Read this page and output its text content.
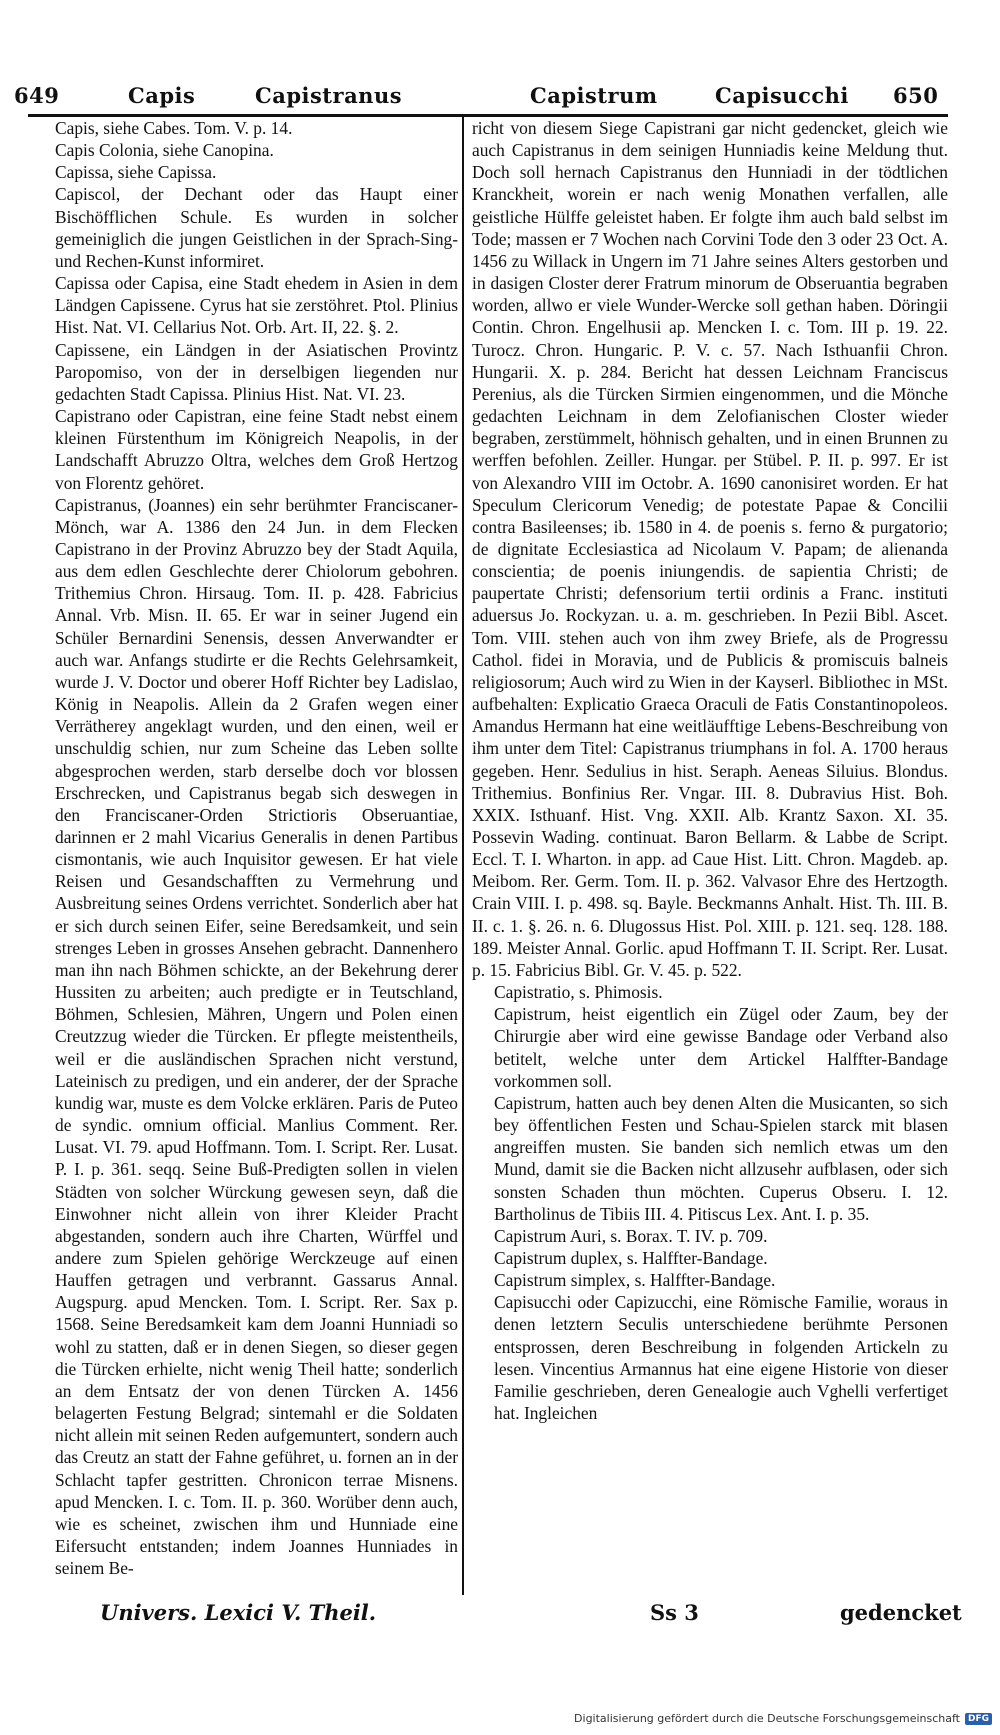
649	Capis	Capistranus	Capistrum	Capisucchi 650

Capis, siehe Cabes. Tom. V. p. 14.

Capis Colonia, siehe Canopina.

Capissa, siehe Capissa.

Capiscol, der Dechant oder das Haupt einer Bischöfflichen Schule. Es wurden in solcher gemeiniglich die jungen Geistlichen in der Sprach-Sing- und Rechen-Kunst informiret.

Capissa oder Capisa, eine Stadt ehedem in Asien in dem Ländgen Capissene. Cyrus hat sie zerstöhret. Ptol. Plinius Hist. Nat. VI. Cellarius Not. Orb. Art. II, 22. §. 2.

Capissene, ein Ländgen in der Asiatischen Provintz Paropomiso, von der in derselbigen liegenden nur gedachten Stadt Capissa. Plinius Hist. Nat. VI. 23.

Capistrano oder Capistran, eine feine Stadt nebst einem kleinen Fürstenthum im Königreich Neapolis, in der Landschafft Abruzzo Oltra, welches dem Groß Hertzog von Florentz gehöret.

Capistranus, (Joannes) ein sehr berühmter Franciscaner-Mönch, war A. 1386 den 24 Jun. in dem Flecken Capistrano in der Provinz Abruzzo bey der Stadt Aquila, aus dem edlen Geschlechte derer Chiolorum gebohren. Trithemius Chron. Hirsaug. Tom. II. p. 428. Fabricius Annal. Vrb. Misn. II. 65. Er war in seiner Jugend ein Schüler Bernardini Senensis, dessen Anverwandter er auch war. Anfangs studirte er die Rechts Gelehrsamkeit, wurde J. V. Doctor und oberer Hoff Richter bey Ladislao, König in Neapolis. Allein da 2 Grafen wegen einer Verrätherey angeklagt wurden, und den einen, weil er unschuldig schien, nur zum Scheine das Leben sollte abgesprochen werden, starb derselbe doch vor blossen Erschrecken, und Capistranus begab sich deswegen in den Franciscaner-Orden Strictioris Obseruantiae, darinnen er 2 mahl Vicarius Generalis in denen Partibus cismontanis, wie auch Inquisitor gewesen. Er hat viele Reisen und Gesandschafften zu Vermehrung und Ausbreitung seines Ordens verrichtet. Sonderlich aber hat er sich durch seinen Eifer, seine Beredsamkeit, und sein strenges Leben in grosses Ansehen gebracht. Dannenhero man ihn nach Böhmen schickte, an der Bekehrung derer Hussiten zu arbeiten; auch predigte er in Teutschland, Böhmen, Schlesien, Mähren, Ungern und Polen einen Creutzzug wieder die Türcken. Er pflegte meistentheils, weil er die ausländischen Sprachen nicht verstund, Lateinisch zu predigen, und ein anderer, der der Sprache kundig war, muste es dem Volcke erklären. Paris de Puteo de syndic. omnium official. Manlius Comment. Rer. Lusat. VI. 79. apud Hoffmann. Tom. I. Script. Rer. Lusat. P. I. p. 361. seqq. Seine Buß-Predigten sollen in vielen Städten von solcher Würckung gewesen seyn, daß die Einwohner nicht allein von ihrer Kleider Pracht abgestanden, sondern auch ihre Charten, Würffel und andere zum Spielen gehörige Werckzeuge auf einen Hauffen getragen und verbrannt. Gassarus Annal. Augspurg. apud Mencken. Tom. I. Script. Rer. Sax p. 1568. Seine Beredsamkeit kam dem Joanni Hunniadi so wohl zu statten, daß er in denen Siegen, so dieser gegen die Türcken erhielte, nicht wenig Theil hatte; sonderlich an dem Entsatz der von denen Türcken A. 1456 belagerten Festung Belgrad; sintemahl er die Soldaten nicht allein mit seinen Reden aufgemuntert, sondern auch das Creutz an statt der Fahne geführet, u. fornen an in der Schlacht tapfer gestritten. Chronicon terrae Misnens. apud Mencken. I. c. Tom. II. p. 360. Worüber denn auch, wie es scheinet, zwischen ihm und Hunniade eine Eifersucht entstanden; indem Joannes Hunniades in seinem Be-

richt von diesem Siege Capistrani gar nicht gedencket, gleich wie auch Capistranus in dem seinigen Hunniadis keine Meldung thut. Doch soll hernach Capistranus den Hunniadi in der tödtlichen Kranckheit, worein er nach wenig Monathen verfallen, alle geistliche Hülffe geleistet haben. Er folgte ihm auch bald selbst im Tode; massen er 7 Wochen nach Corvini Tode den 3 oder 23 Oct. A. 1456 zu Willack in Ungern im 71 Jahre seines Alters gestorben und in dasigen Closter derer Fratrum minorum de Obseruantia begraben worden, allwo er viele Wunder-Wercke soll gethan haben. Döringii Contin. Chron. Engelhusii ap. Mencken I. c. Tom. III p. 19. 22. Turocz. Chron. Hungaric. P. V. c. 57. Nach Isthuanfii Chron. Hungarii. X. p. 284. Bericht hat dessen Leichnam Franciscus Perenius, als die Türcken Sirmien eingenommen, und die Mönche gedachten Leichnam in dem Zelofianischen Closter wieder begraben, zerstümmelt, höhnisch gehalten, und in einen Brunnen zu werffen befohlen. Zeiller. Hungar. per Stübel. P. II. p. 997. Er ist von Alexandro VIII im Octobr. A. 1690 canonisiret worden. Er hat Speculum Clericorum Venedig; de potestate Papae & Concilii contra Basileenses; ib. 1580 in 4. de poenis s. ferno & purgatorio; de dignitate Ecclesiastica ad Nicolaum V. Papam; de alienanda conscientia; de poenis iniungendis. de sapientia Christi; de paupertate Christi; defensorium tertii ordinis a Franc. instituti aduersus Jo. Rockyzan. u. a. m. geschrieben. In Pezii Bibl. Ascet. Tom. VIII. stehen auch von ihm zwey Briefe, als de Progressu Cathol. fidei in Moravia, und de Publicis & promiscuis balneis religiosorum; Auch wird zu Wien in der Kayserl. Bibliothec in MSt. aufbehalten: Explicatio Graeca Oraculi de Fatis Constantinopoleos. Amandus Hermann hat eine weitläufftige Lebens-Beschreibung von ihm unter dem Titel: Capistranus triumphans in fol. A. 1700 heraus gegeben. Henr. Sedulius in hist. Seraph. Aeneas Siluius. Blondus. Trithemius. Bonfinius Rer. Vngar. III. 8. Dubravius Hist. Boh. XXIX. Isthuanf. Hist. Vng. XXII. Alb. Krantz Saxon. XI. 35. Possevin Wading. continuat. Baron Bellarm. & Labbe de Script. Eccl. T. I. Wharton. in app. ad Caue Hist. Litt. Chron. Magdeb. ap. Meibom. Rer. Germ. Tom. II. p. 362. Valvasor Ehre des Hertzogth. Crain VIII. I. p. 498. sq. Bayle. Beckmanns Anhalt. Hist. Th. III. B. II. c. 1. §. 26. n. 6. Dlugossus Hist. Pol. XIII. p. 121. seq. 128. 188. 189. Meister Annal. Gorlic. apud Hoffmann T. II. Script. Rer. Lusat. p. 15. Fabricius Bibl. Gr. V. 45. p. 522.

Capistratio, s. Phimosis.

Capistrum, heist eigentlich ein Zügel oder Zaum, bey der Chirurgie aber wird eine gewisse Bandage oder Verband also betitelt, welche unter dem Artickel Halffter-Bandage vorkommen soll.

Capistrum, hatten auch bey denen Alten die Musicanten, so sich bey öffentlichen Festen und Schau-Spielen starck mit blasen angreiffen musten. Sie banden sich nemlich etwas um den Mund, damit sie die Backen nicht allzusehr aufblasen, oder sich sonsten Schaden thun möchten. Cuperus Obseru. I. 12. Bartholinus de Tibiis III. 4. Pitiscus Lex. Ant. I. p. 35.

Capistrum Auri, s. Borax. T. IV. p. 709.

Capistrum duplex, s. Halffter-Bandage.

Capistrum simplex, s. Halffter-Bandage.

Capisucchi oder Capizucchi, eine Römische Familie, woraus in denen letztern Seculis unterschiedene berühmte Personen entsprossen, deren Beschreibung in folgenden Artickeln zu lesen. Vincentius Armannus hat eine eigene Historie von dieser Familie geschrieben, deren Genealogie auch Vghelli verfertiget hat. Ingleichen

Univers. Lexici V. Theil.	Ss 3	gedencket
Digitalisierung gefördert durch die Deutsche Forschungsgemeinschaft DFG
